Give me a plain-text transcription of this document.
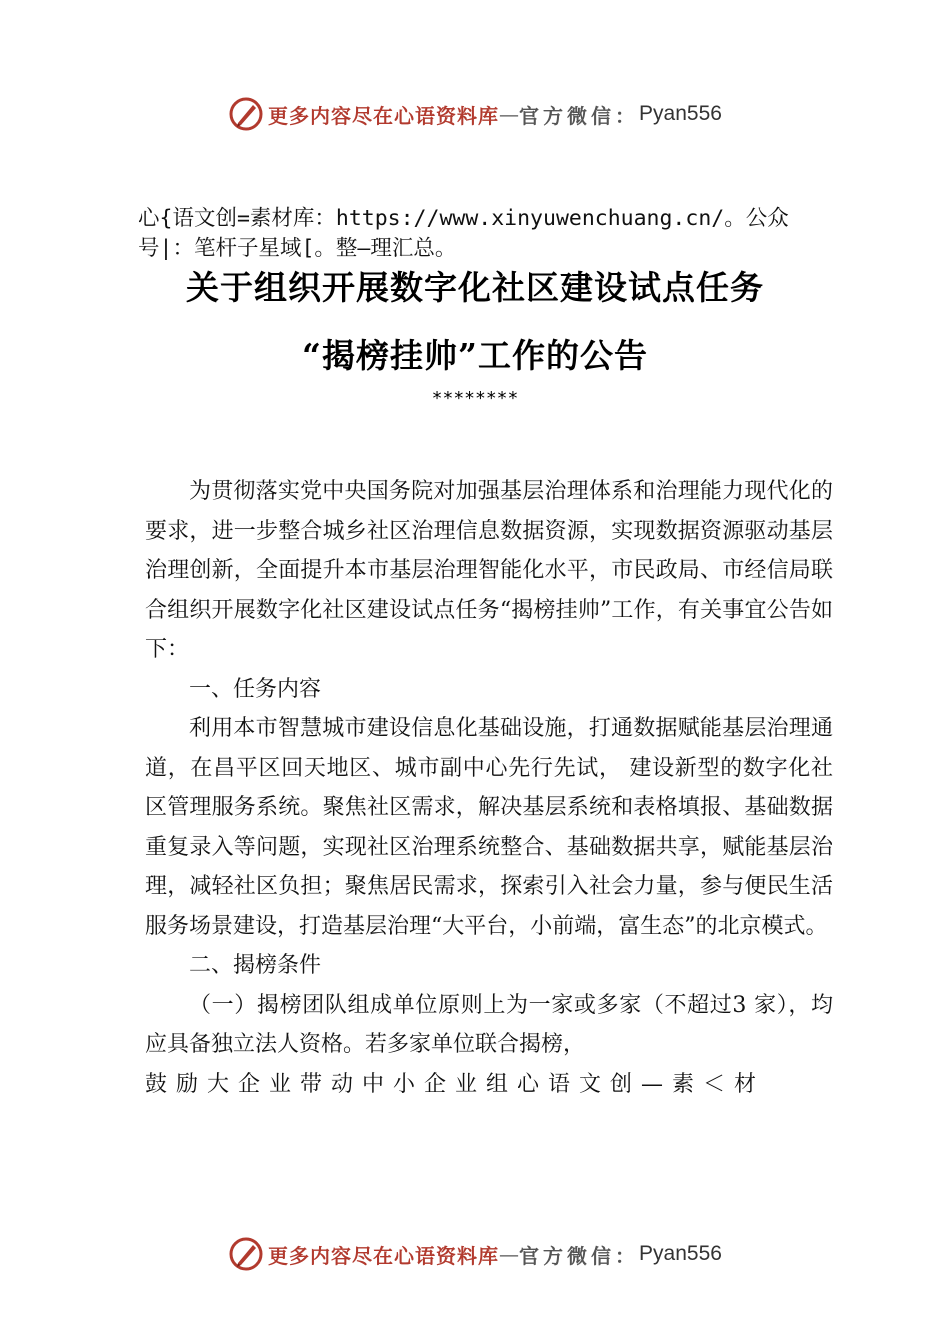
更多内容尽在心语资料库 — 官方微信： Pyan556
心{语文创=素材库：https://www.xinyuwenchuang.cn/。公众
号|：笔杆子星域[。整—理汇总。
关于组织开展数字化社区建设试点任务
“揭榜挂帅”工作的公告
********

为贯彻落实党中央国务院对加强基层治理体系和治理能力现代化的要求，进一步整合城乡社区治理信息数据资源，实现数据资源驱动基层治理创新，全面提升本市基层治理智能化水平，市民政局、市经信局联合组织开展数字化社区建设试点任务“揭榜挂帅”工作，有关事宜公告如下：

一、任务内容

利用本市智慧城市建设信息化基础设施，打通数据赋能基层治理通道，在昌平区回天地区、城市副中心先行先试， 建设新型的数字化社区管理服务系统。聚焦社区需求，解决基层系统和表格填报、基础数据重复录入等问题，实现社区治理系统整合、基础数据共享，赋能基层治理，减轻社区负担；聚焦居民需求，探索引入社会力量，参与便民生活服务场景建设，打造基层治理“大平台，小前端，富生态”的北京模式。

二、揭榜条件

（一）揭榜团队组成单位原则上为一家或多家（不超过3 家），均应具备独立法人资格。若多家单位联合揭榜，

鼓励大企业带动中小企业组心语文创—素＜材

更多内容尽在心语资料库 — 官方微信： Pyan556
